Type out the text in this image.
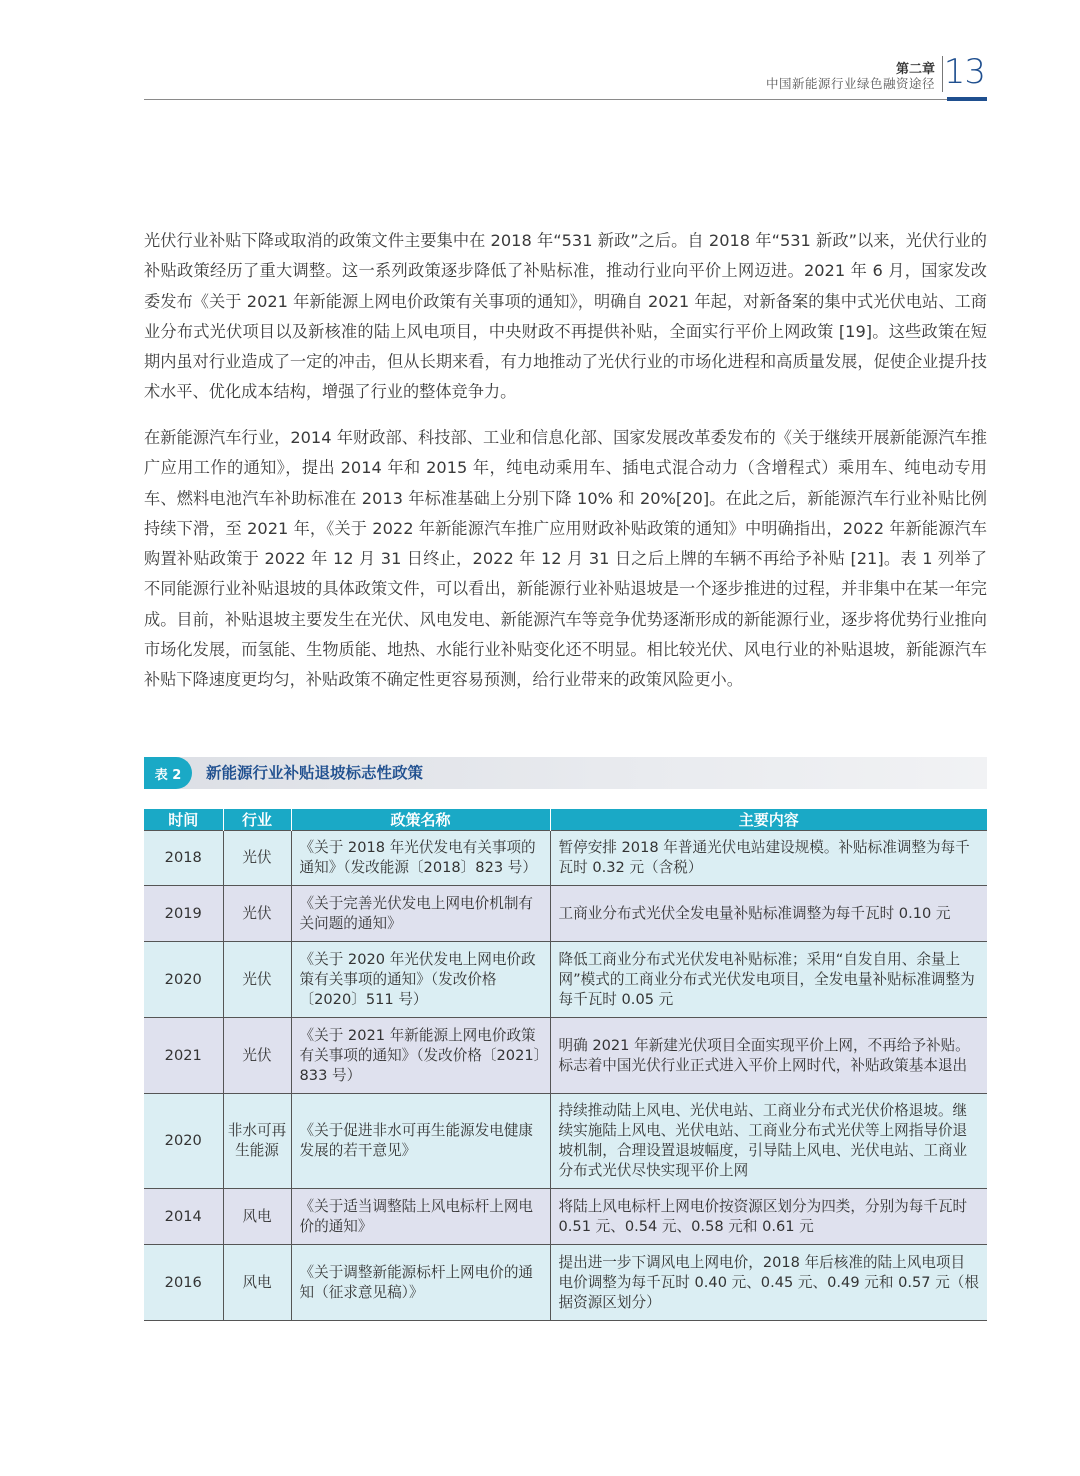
第二章
中国新能源行业绿色融资途径 13

光伏行业补贴下降或取消的政策文件主要集中在 2018 年“531 新政”之后。自 2018 年“531 新政”以来，光伏行业的补贴政策经历了重大调整。这一系列政策逐步降低了补贴标准，推动行业向平价上网迈进。2021 年 6 月，国家发改委发布《关于 2021 年新能源上网电价政策有关事项的通知》，明确自 2021 年起，对新备案的集中式光伏电站、工商业分布式光伏项目以及新核准的陆上风电项目，中央财政不再提供补贴，全面实行平价上网政策 [19]。这些政策在短期内虽对行业造成了一定的冲击，但从长期来看，有力地推动了光伏行业的市场化进程和高质量发展，促使企业提升技术水平、优化成本结构，增强了行业的整体竞争力。

在新能源汽车行业，2014 年财政部、科技部、工业和信息化部、国家发展改革委发布的《关于继续开展新能源汽车推广应用工作的通知》，提出 2014 年和 2015 年，纯电动乘用车、插电式混合动力（含增程式）乘用车、纯电动专用车、燃料电池汽车补助标准在 2013 年标准基础上分别下降 10% 和 20%[20]。在此之后，新能源汽车行业补贴比例持续下滑，至 2021 年，《关于 2022 年新能源汽车推广应用财政补贴政策的通知》中明确指出，2022 年新能源汽车购置补贴政策于 2022 年 12 月 31 日终止，2022 年 12 月 31 日之后上牌的车辆不再给予补贴 [21]。表 1 列举了不同能源行业补贴退坡的具体政策文件，可以看出，新能源行业补贴退坡是一个逐步推进的过程，并非集中在某一年完成。目前，补贴退坡主要发生在光伏、风电发电、新能源汽车等竞争优势逐渐形成的新能源行业，逐步将优势行业推向市场化发展，而氢能、生物质能、地热、水能行业补贴变化还不明显。相比较光伏、风电行业的补贴退坡，新能源汽车补贴下降速度更均匀，补贴政策不确定性更容易预测，给行业带来的政策风险更小。

表 2	新能源行业补贴退坡标志性政策
时间	行业	政策名称	主要内容
2018	光伏	《关于 2018 年光伏发电有关事项的通知》（发改能源〔2018〕823 号）	暂停安排 2018 年普通光伏电站建设规模。补贴标准调整为每千瓦时 0.32 元（含税）
2019	光伏	《关于完善光伏发电上网电价机制有关问题的通知》	工商业分布式光伏全发电量补贴标准调整为每千瓦时 0.10 元
2020	光伏	《关于 2020 年光伏发电上网电价政策有关事项的通知》（发改价格〔2020〕511 号）	降低工商业分布式光伏发电补贴标准；采用“自发自用、余量上网”模式的工商业分布式光伏发电项目，全发电量补贴标准调整为每千瓦时 0.05 元
2021	光伏	《关于 2021 年新能源上网电价政策有关事项的通知》（发改价格〔2021〕833 号）	明确 2021 年新建光伏项目全面实现平价上网，不再给予补贴。标志着中国光伏行业正式进入平价上网时代，补贴政策基本退出
2020	非水可再生能源	《关于促进非水可再生能源发电健康发展的若干意见》	持续推动陆上风电、光伏电站、工商业分布式光伏价格退坡。继续实施陆上风电、光伏电站、工商业分布式光伏等上网指导价退坡机制，合理设置退坡幅度，引导陆上风电、光伏电站、工商业分布式光伏尽快实现平价上网
2014	风电	《关于适当调整陆上风电标杆上网电价的通知》	将陆上风电标杆上网电价按资源区划分为四类，分别为每千瓦时 0.51 元、0.54 元、0.58 元和 0.61 元
2016	风电	《关于调整新能源标杆上网电价的通知（征求意见稿）》	提出进一步下调风电上网电价，2018 年后核准的陆上风电项目电价调整为每千瓦时 0.40 元、0.45 元、0.49 元和 0.57 元（根据资源区划分）
